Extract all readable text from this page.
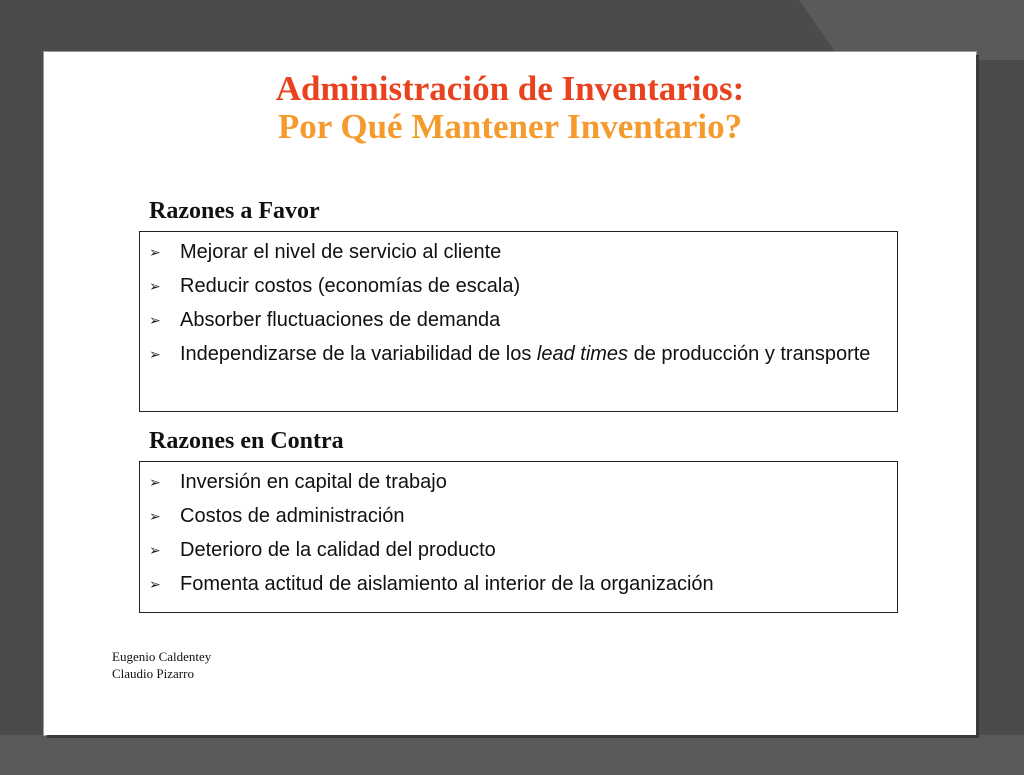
Administración de Inventarios:
Por Qué Mantener Inventario?
Razones a Favor
➢ Mejorar el nivel de servicio al cliente
➢ Reducir costos (economías de escala)
➢ Absorber fluctuaciones de demanda
➢ Independizarse de la variabilidad de los lead times de producción y transporte
Razones en Contra
➢ Inversión en capital de trabajo
➢ Costos de administración
➢ Deterioro de la calidad del producto
➢ Fomenta actitud de aislamiento al interior de la organización
Eugenio Caldentey
Claudio Pizarro
